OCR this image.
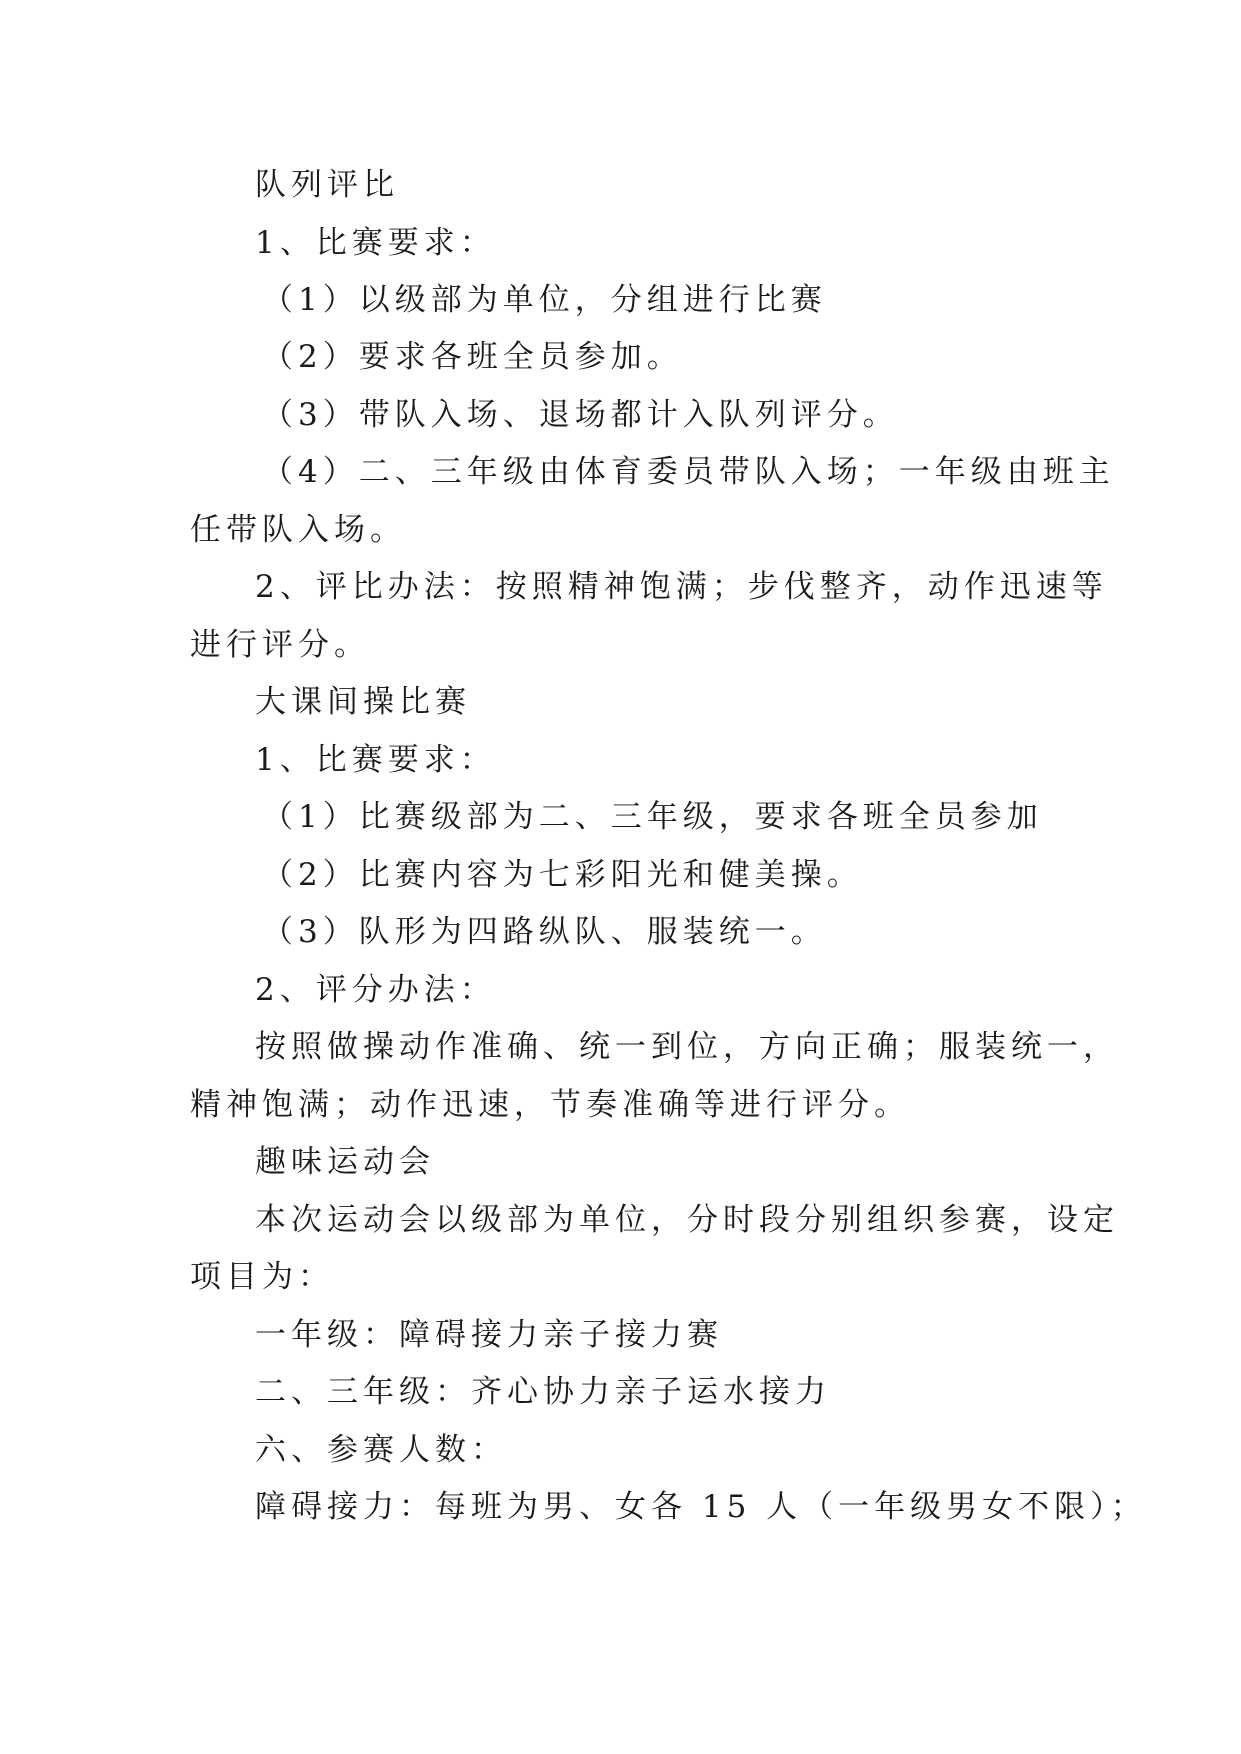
队列评比
1、比赛要求：
（1）以级部为单位，分组进行比赛
（2）要求各班全员参加。
（3）带队入场、退场都计入队列评分。
（4）二、三年级由体育委员带队入场；一年级由班主
任带队入场。
2、评比办法：按照精神饱满；步伐整齐，动作迅速等
进行评分。
大课间操比赛
1、比赛要求：
（1）比赛级部为二、三年级，要求各班全员参加
（2）比赛内容为七彩阳光和健美操。
（3）队形为四路纵队、服装统一。
2、评分办法：
按照做操动作准确、统一到位，方向正确；服装统一，
精神饱满；动作迅速，节奏准确等进行评分。
趣味运动会
本次运动会以级部为单位，分时段分别组织参赛，设定
项目为：
一年级：障碍接力亲子接力赛
二、三年级：齐心协力亲子运水接力
六、参赛人数：
障碍接力：每班为男、女各 15 人（一年级男女不限）；
